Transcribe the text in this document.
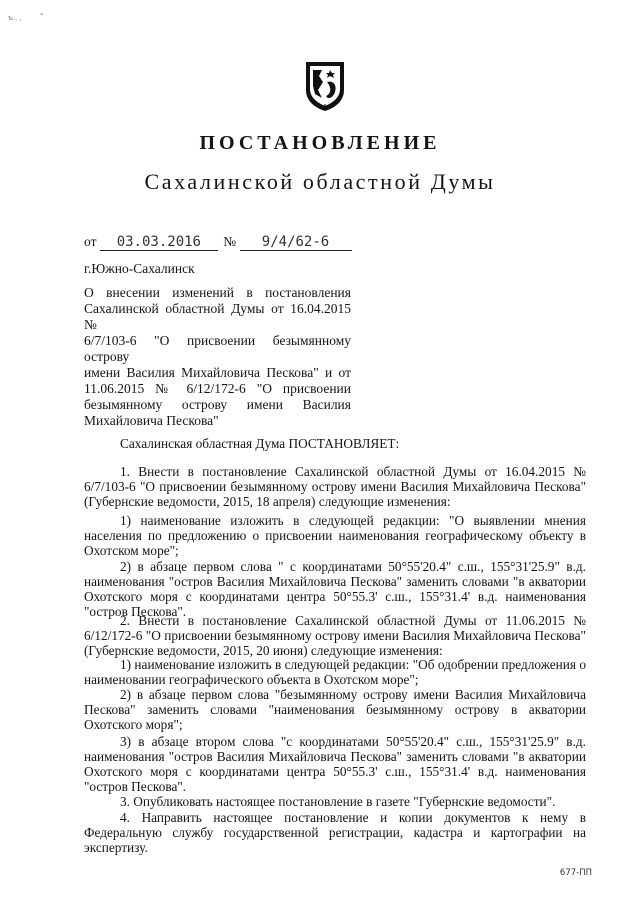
ъ.. ,	"
ПОСТАНОВЛЕНИЕ
Сахалинской областной Думы
от 03.03.2016 № 9/4/62-6
г.Южно-Сахалинск
О внесении изменений в постановления
Сахалинской областной Думы от 16.04.2015 №
6/7/103-6 "О присвоении безымянному острову
имени Василия Михайловича Пескова" и от
11.06.2015 № 6/12/172-6 "О присвоении
безымянному острову имени Василия
Михайловича Пескова"

Сахалинская областная Дума ПОСТАНОВЛЯЕТ:

1. Внести в постановление Сахалинской областной Думы от 16.04.2015 № 6/7/103-6 "О присвоении безымянному острову имени Василия Михайловича Пескова" (Губернские ведомости, 2015, 18 апреля) следующие изменения:

1) наименование изложить в следующей редакции: "О выявлении мнения населения по предложению о присвоении наименования географическому объекту в Охотском море";

2) в абзаце первом слова " с координатами 50°55'20.4" с.ш., 155°31'25.9" в.д. наименования "остров Василия Михайловича Пескова" заменить словами "в акватории Охотского моря с координатами центра 50°55.3' с.ш., 155°31.4' в.д. наименования "остров Пескова".

2. Внести в постановление Сахалинской областной Думы от 11.06.2015 № 6/12/172-6 "О присвоении безымянному острову имени Василия Михайловича Пескова" (Губернские ведомости, 2015, 20 июня) следующие изменения:

1) наименование изложить в следующей редакции: "Об одобрении предложения о наименовании географического объекта в Охотском море";

2) в абзаце первом слова "безымянному острову имени Василия Михайловича Пескова" заменить словами "наименования безымянному острову в акватории Охотского моря";

3) в абзаце втором слова "с координатами 50°55'20.4" с.ш., 155°31'25.9" в.д. наименования "остров Василия Михайловича Пескова" заменить словами "в акватории Охотского моря с координатами центра 50°55.3' с.ш., 155°31.4' в.д. наименования "остров Пескова".

3. Опубликовать настоящее постановление в газете "Губернские ведомости".

4. Направить настоящее постановление и копии документов к нему в Федеральную службу государственной регистрации, кадастра и картографии на экспертизу.

677-ПП
